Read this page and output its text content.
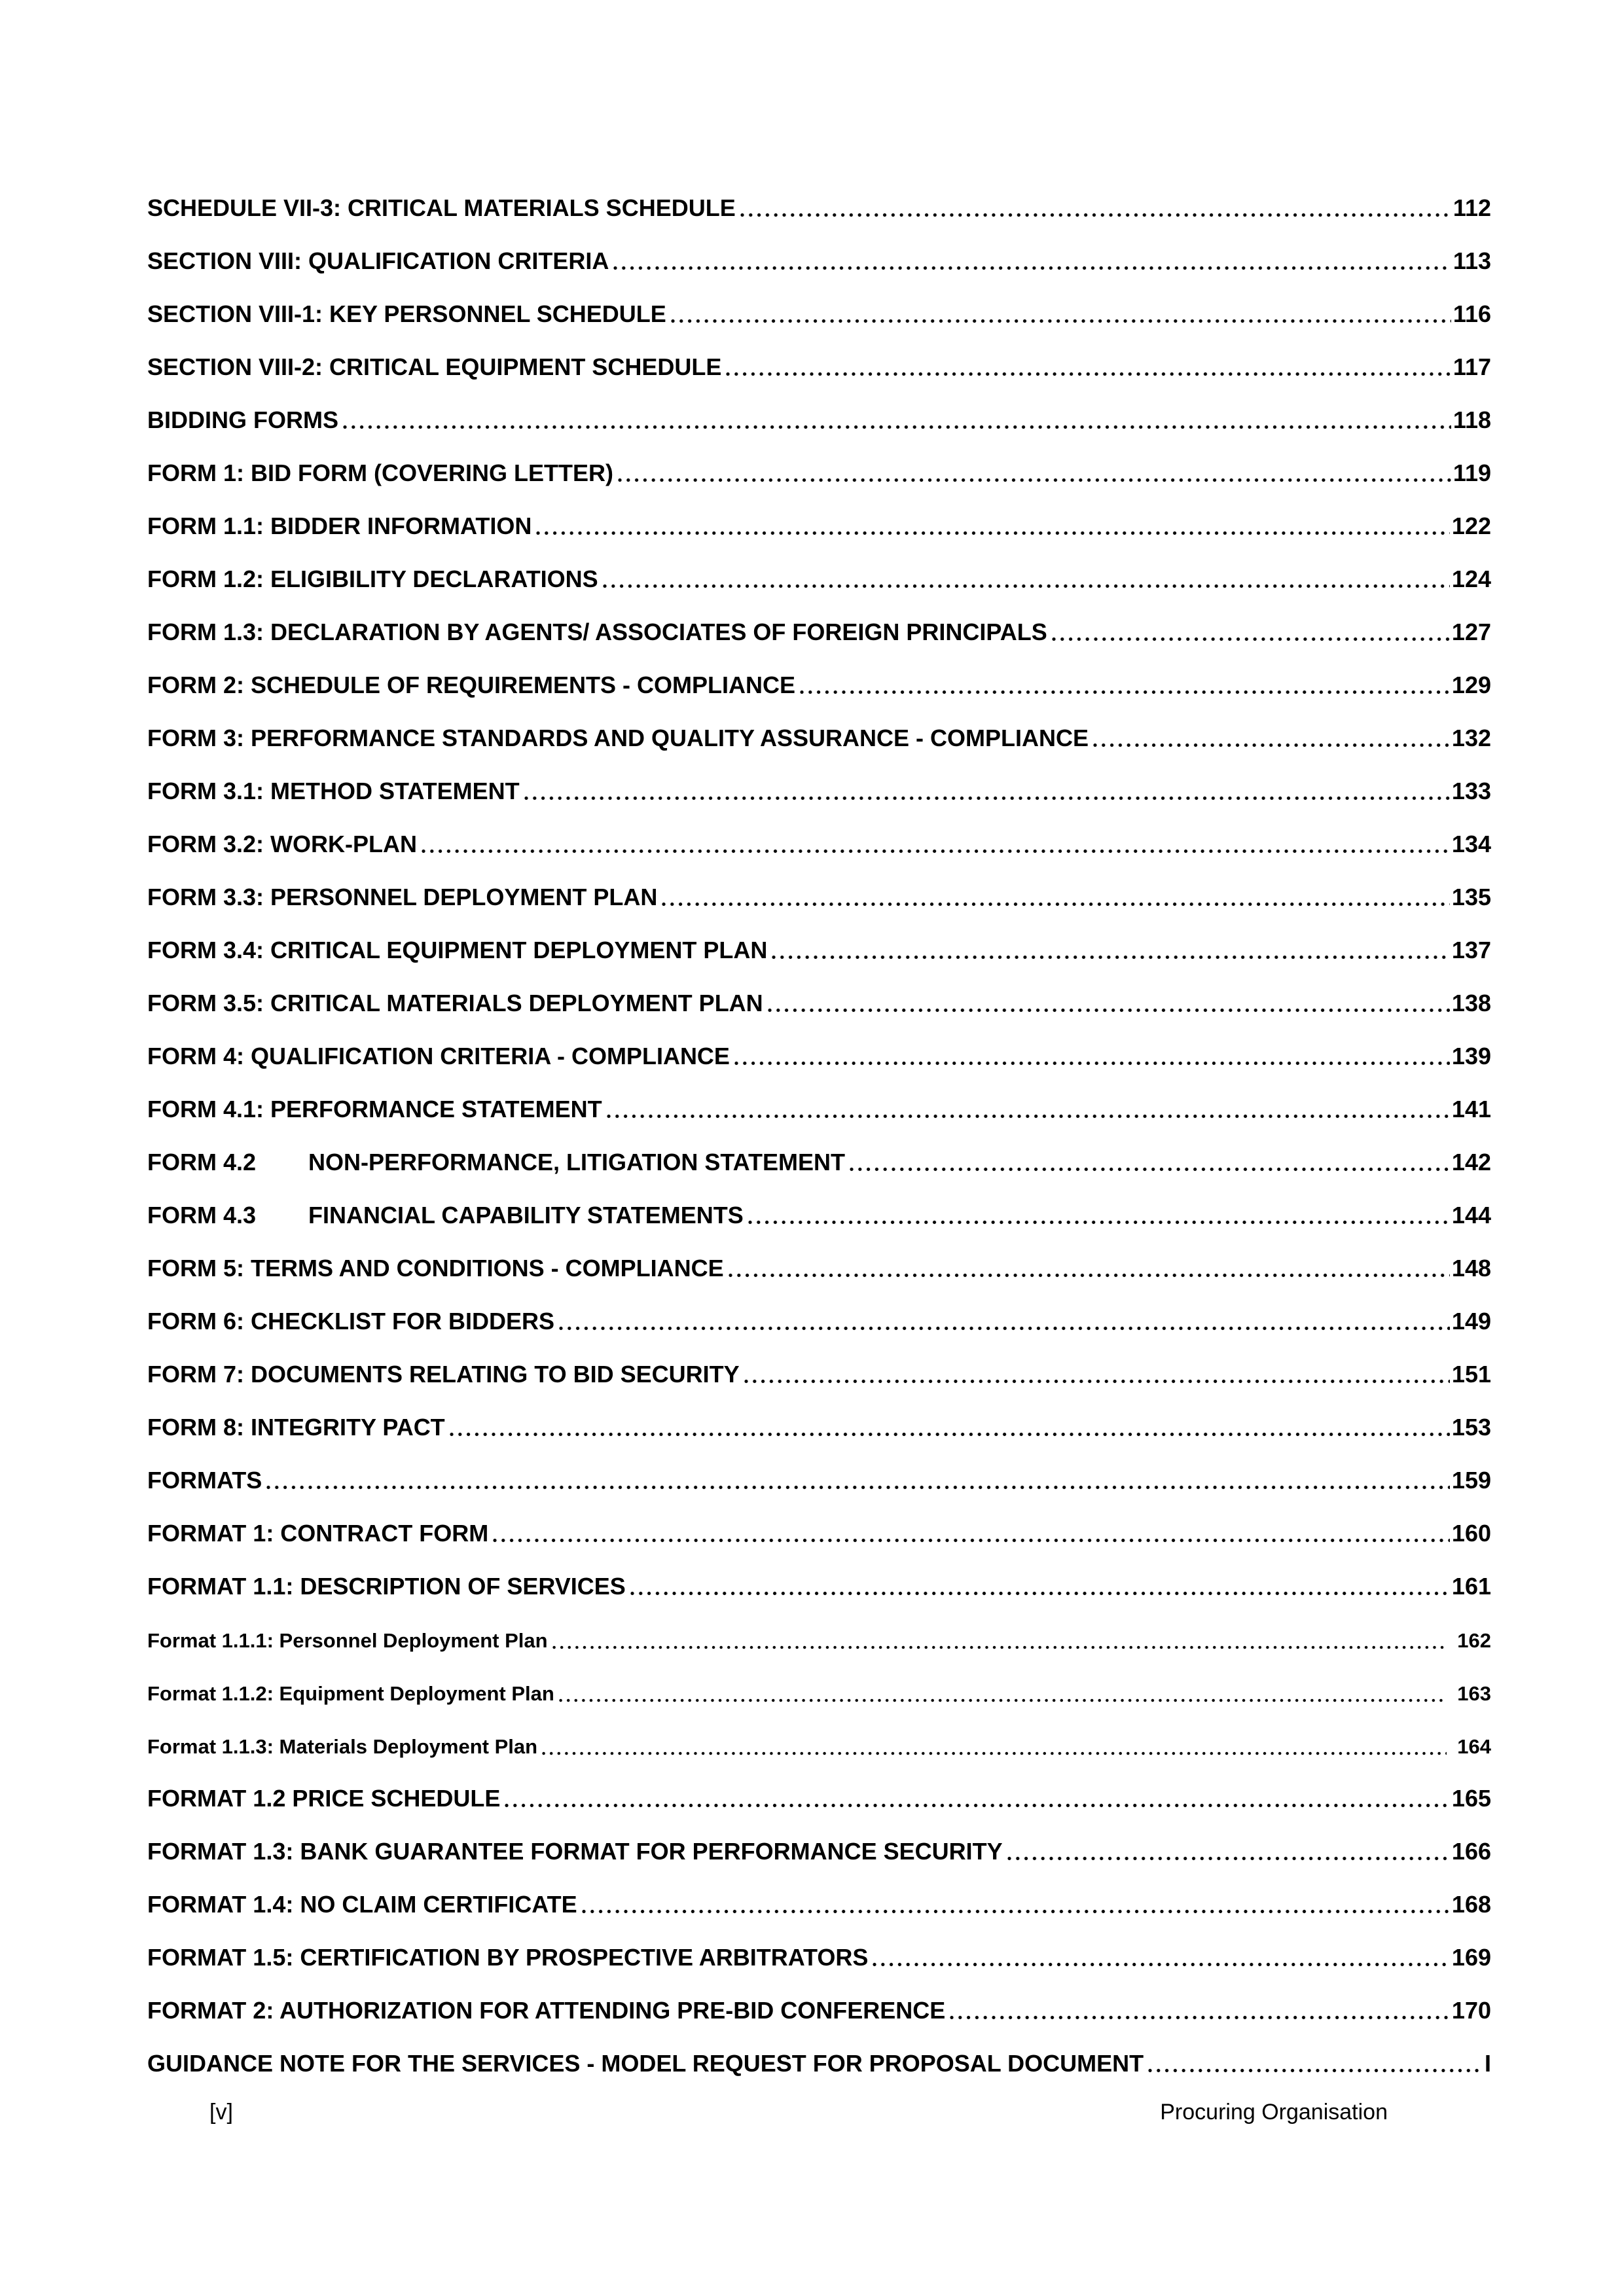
SCHEDULE VII-3: CRITICAL MATERIALS SCHEDULE	112
SECTION VIII: QUALIFICATION CRITERIA	113
SECTION VIII-1: KEY PERSONNEL SCHEDULE	116
SECTION VIII-2: CRITICAL EQUIPMENT SCHEDULE	117
BIDDING FORMS	118
FORM 1: BID FORM (COVERING LETTER)	119
FORM 1.1: BIDDER INFORMATION	122
FORM 1.2: ELIGIBILITY DECLARATIONS	124
FORM 1.3: DECLARATION BY AGENTS/ ASSOCIATES OF FOREIGN PRINCIPALS	127
FORM 2: SCHEDULE OF REQUIREMENTS - COMPLIANCE	129
FORM 3: PERFORMANCE STANDARDS AND QUALITY ASSURANCE - COMPLIANCE	132
FORM 3.1: METHOD STATEMENT	133
FORM 3.2: WORK-PLAN	134
FORM 3.3: PERSONNEL DEPLOYMENT PLAN	135
FORM 3.4: CRITICAL EQUIPMENT DEPLOYMENT PLAN	137
FORM 3.5: CRITICAL MATERIALS DEPLOYMENT PLAN	138
FORM 4: QUALIFICATION CRITERIA - COMPLIANCE	139
FORM 4.1: PERFORMANCE STATEMENT	141
FORM 4.2        NON-PERFORMANCE, LITIGATION STATEMENT	142
FORM 4.3        FINANCIAL CAPABILITY STATEMENTS	144
FORM 5: TERMS AND CONDITIONS - COMPLIANCE	148
FORM 6: CHECKLIST FOR BIDDERS	149
FORM 7: DOCUMENTS RELATING TO BID SECURITY	151
FORM 8: INTEGRITY PACT	153
FORMATS	159
FORMAT 1: CONTRACT FORM	160
FORMAT 1.1: DESCRIPTION OF SERVICES	161
Format 1.1.1: Personnel Deployment Plan	162
Format 1.1.2: Equipment Deployment Plan	163
Format 1.1.3: Materials Deployment Plan	164
FORMAT 1.2 PRICE SCHEDULE	165
FORMAT 1.3: BANK GUARANTEE FORMAT FOR PERFORMANCE SECURITY	166
FORMAT 1.4: NO CLAIM CERTIFICATE	168
FORMAT 1.5: CERTIFICATION BY PROSPECTIVE ARBITRATORS	169
FORMAT 2: AUTHORIZATION FOR ATTENDING PRE-BID CONFERENCE	170
GUIDANCE NOTE FOR THE SERVICES - MODEL REQUEST FOR PROPOSAL DOCUMENT	I
[v]	Procuring Organisation
